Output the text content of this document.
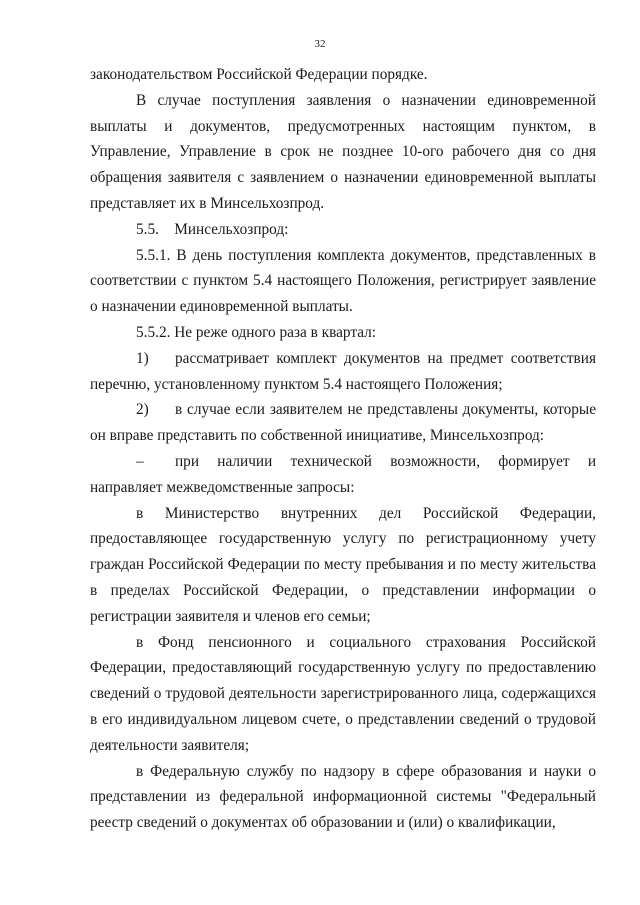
32

законодательством Российской Федерации порядке.

В случае поступления заявления о назначении единовременной выплаты и документов, предусмотренных настоящим пунктом, в Управление, Управление в срок не позднее 10-ого рабочего дня со дня обращения заявителя с заявлением о назначении единовременной выплаты представляет их в Минсельхозпрод.

5.5.    Минсельхозпрод:

5.5.1. В день поступления комплекта документов, представленных в соответствии с пунктом 5.4 настоящего Положения, регистрирует заявление о назначении единовременной выплаты.

5.5.2. Не реже одного раза в квартал:

1) рассматривает комплект документов на предмет соответствия перечню, установленному пунктом 5.4 настоящего Положения;

2) в случае если заявителем не представлены документы, которые он вправе представить по собственной инициативе, Минсельхозпрод:

– при наличии технической возможности, формирует и направляет межведомственные запросы:

в Министерство внутренних дел Российской Федерации, предоставляющее государственную услугу по регистрационному учету граждан Российской Федерации по месту пребывания и по месту жительства в пределах Российской Федерации, о представлении информации о регистрации заявителя и членов его семьи;

в Фонд пенсионного и социального страхования Российской Федерации, предоставляющий государственную услугу по предоставлению сведений о трудовой деятельности зарегистрированного лица, содержащихся в его индивидуальном лицевом счете, о представлении сведений о трудовой деятельности заявителя;

в Федеральную службу по надзору в сфере образования и науки о представлении из федеральной информационной системы "Федеральный реестр сведений о документах об образовании и (или) о квалификации,
